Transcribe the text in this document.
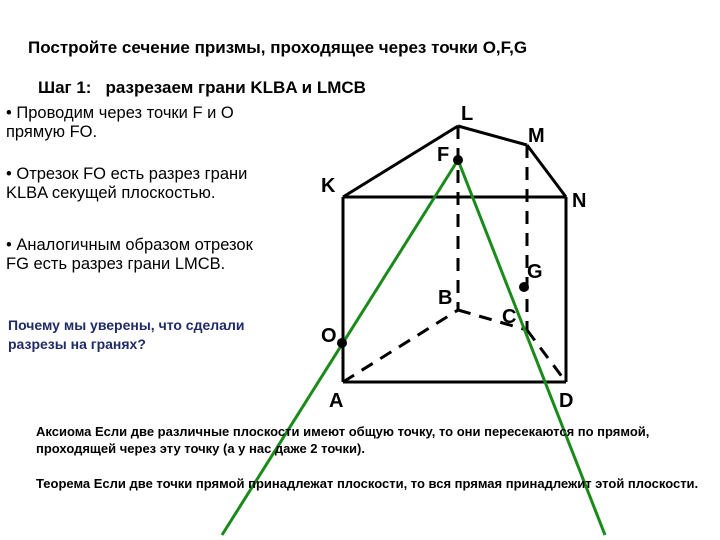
Постройте сечение призмы, проходящее через точки O,F,G
Шаг 1: разрезаем грани KLBA и LMCB
• Проводим через точки F и О прямую FO.
• Отрезок FO есть разрез грани KLBA секущей плоскостью.
• Аналогичным образом отрезок FG есть разрез грани LMCB.
Почему мы уверены, что сделали разрезы на гранях?
L
M
K
N
F
G
B
C
O
A	D
Аксиома Если две различные плоскости имеют общую точку, то они пересекаются по прямой, проходящей через эту точку (а у нас даже 2 точки).
Теорема Если две точки прямой принадлежат плоскости, то вся прямая принадлежит этой плоскости.
